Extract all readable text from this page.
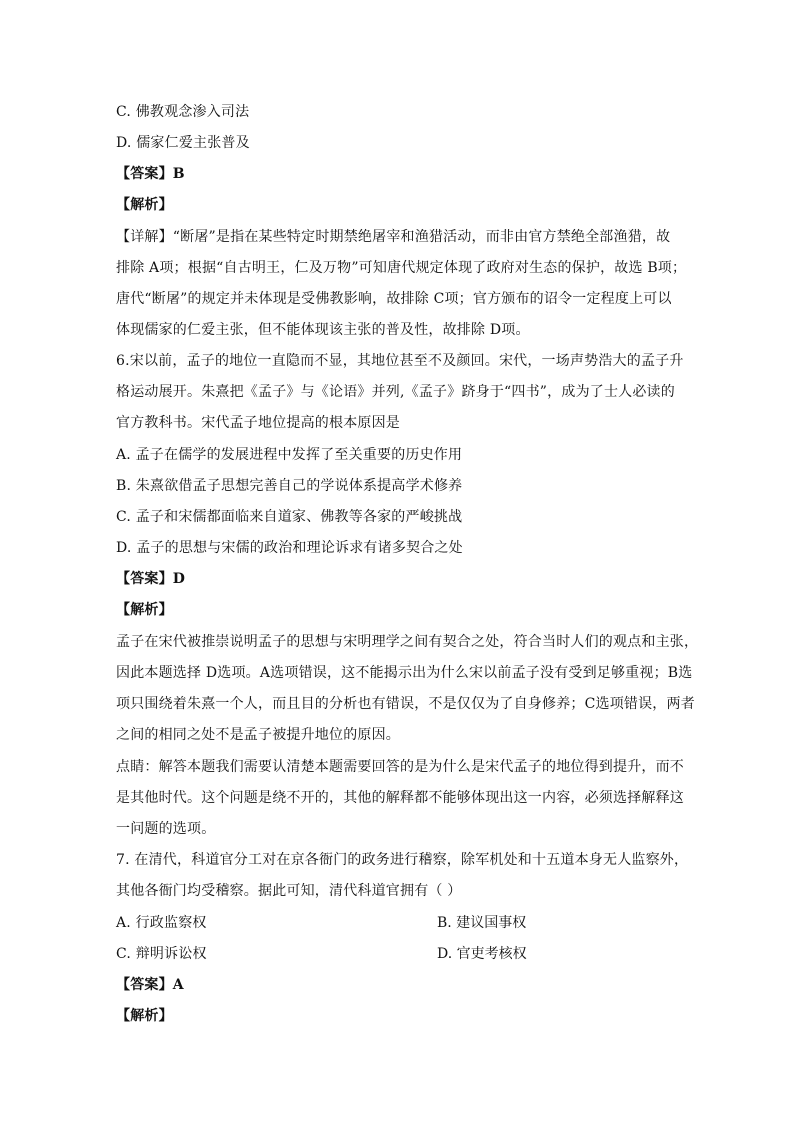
C. 佛教观念渗入司法
D. 儒家仁爱主张普及
【答案】B
【解析】
【详解】“断屠”是指在某些特定时期禁绝屠宰和渔猎活动，而非由官方禁绝全部渔猎，故
排除 A项；根据“自古明王，仁及万物”可知唐代规定体现了政府对生态的保护，故选 B项；
唐代“断屠”的规定并未体现是受佛教影响，故排除 C项；官方颁布的诏令一定程度上可以
体现儒家的仁爱主张，但不能体现该主张的普及性，故排除 D项。
6.宋以前，孟子的地位一直隐而不显，其地位甚至不及颜回。宋代，一场声势浩大的孟子升
格运动展开。朱熹把《孟子》与《论语》并列,《孟子》跻身于“四书”，成为了士人必读的
官方教科书。宋代孟子地位提高的根本原因是
A. 孟子在儒学的发展进程中发挥了至关重要的历史作用
B. 朱熹欲借孟子思想完善自己的学说体系提高学术修养
C. 孟子和宋儒都面临来自道家、佛教等各家的严峻挑战
D. 孟子的思想与宋儒的政治和理论诉求有诸多契合之处
【答案】D
【解析】
孟子在宋代被推崇说明孟子的思想与宋明理学之间有契合之处，符合当时人们的观点和主张，
因此本题选择 D选项。A选项错误，这不能揭示出为什么宋以前孟子没有受到足够重视；B选
项只围绕着朱熹一个人，而且目的分析也有错误，不是仅仅为了自身修养；C选项错误，两者
之间的相同之处不是孟子被提升地位的原因。
点睛：解答本题我们需要认清楚本题需要回答的是为什么是宋代孟子的地位得到提升，而不
是其他时代。这个问题是绕不开的，其他的解释都不能够体现出这一内容，必须选择解释这
一问题的选项。
7. 在清代，科道官分工对在京各衙门的政务进行稽察，除军机处和十五道本身无人监察外，
其他各衙门均受稽察。据此可知，清代科道官拥有（ ）
A. 行政监察权	B. 建议国事权
C. 辩明诉讼权	D. 官吏考核权
【答案】A
【解析】
